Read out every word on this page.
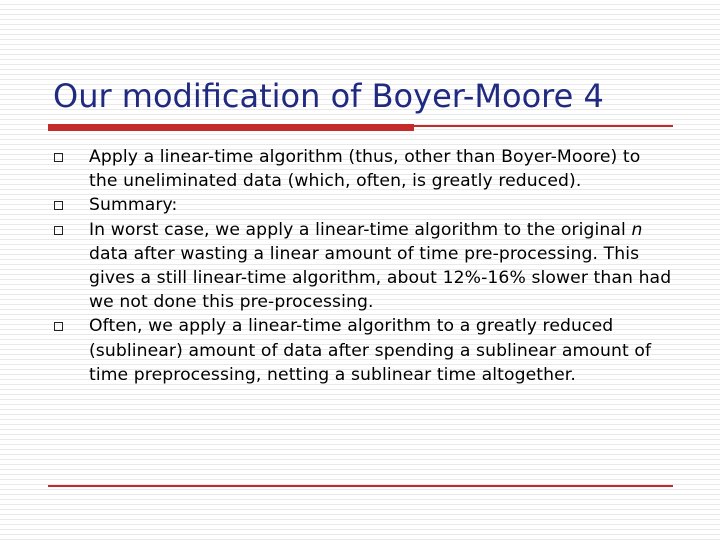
Our modification of Boyer-Moore 4
Apply a linear-time algorithm (thus, other than Boyer-Moore) to the uneliminated data (which, often, is greatly reduced).
Summary:
In worst case, we apply a linear-time algorithm to the original n data after wasting a linear amount of time pre-processing. This gives a still linear-time algorithm, about 12%-16% slower than had we not done this pre-processing.
Often, we apply a linear-time algorithm to a greatly reduced (sublinear) amount of data after spending a sublinear amount of time preprocessing, netting a sublinear time altogether.
